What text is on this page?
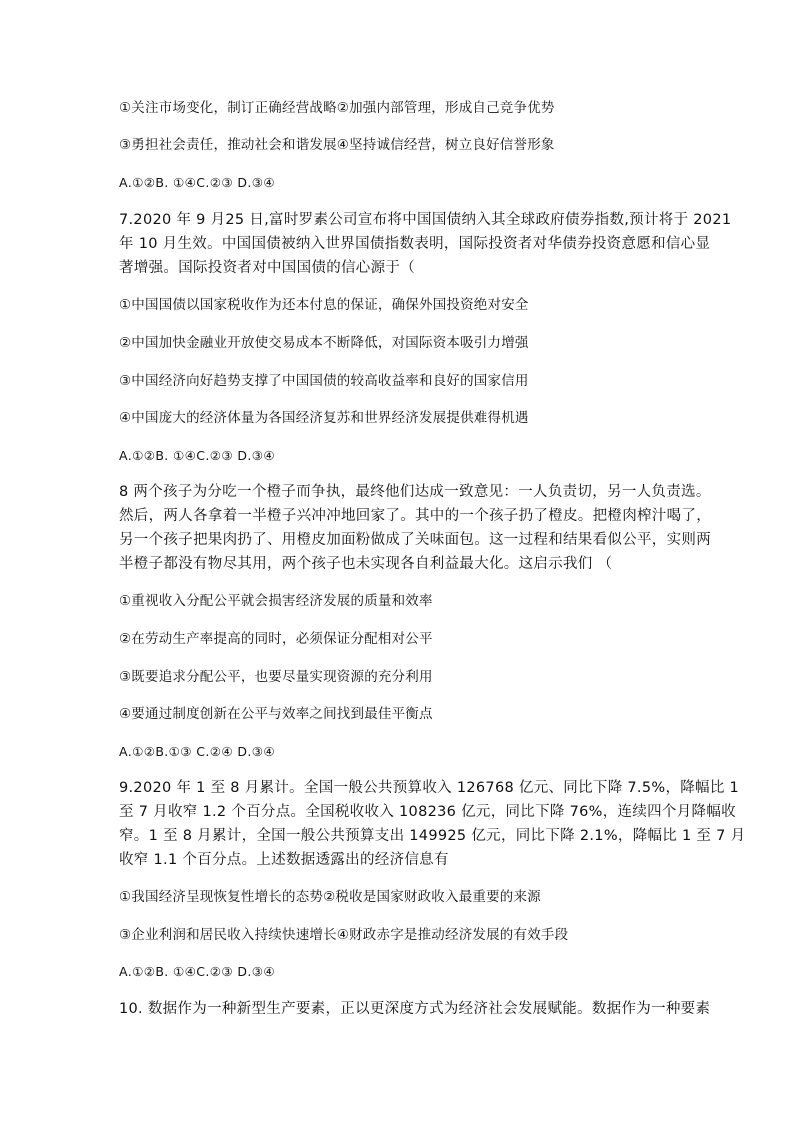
①关注市场变化，制订正确经营战略②加强内部管理，形成自己竞争优势
③勇担社会责任，推动社会和谐发展④坚持诚信经营，树立良好信誉形象
A.①②B. ①④C.②③ D.③④
7.2020 年 9 月25 日,富时罗素公司宣布将中国国债纳入其全球政府债券指数,预计将于 2021
年 10 月生效。中国国债被纳入世界国债指数表明，国际投资者对华债券投资意愿和信心显
著增强。国际投资者对中国国债的信心源于（
①中国国债以国家税收作为还本付息的保证，确保外国投资绝对安全
②中国加快金融业开放使交易成本不断降低，对国际资本吸引力增强
③中国经济向好趋势支撑了中国国债的较高收益率和良好的国家信用
④中国庞大的经济体量为各国经济复苏和世界经济发展提供难得机遇
A.①②B. ①④C.②③ D.③④
8 两个孩子为分吃一个橙子而争执，最终他们达成一致意见：一人负责切，另一人负责选。
然后，两人各拿着一半橙子兴冲冲地回家了。其中的一个孩子扔了橙皮。把橙肉榨汁喝了，
另一个孩子把果肉扔了、用橙皮加面粉做成了关味面包。这一过程和结果看似公平，实则两
半橙子都没有物尽其用，两个孩子也未实现各自利益最大化。这启示我们 （
①重视收入分配公平就会损害经济发展的质量和效率
②在劳动生产率提高的同时，必须保证分配相对公平
③既要追求分配公平，也要尽量实现资源的充分利用
④要通过制度创新在公平与效率之间找到最佳平衡点
A.①②B.①③ C.②④ D.③④
9.2020 年 1 至 8 月累计。全国一般公共预算收入 126768 亿元、同比下降 7.5%，降幅比 1
至 7 月收窄 1.2 个百分点。全国税收收入 108236 亿元，同比下降 76%，连续四个月降幅收
窄。1 至 8 月累计，全国一般公共预算支出 149925 亿元，同比下降 2.1%，降幅比 1 至 7 月
收窄 1.1 个百分点。上述数据透露出的经济信息有
①我国经济呈现恢复性增长的态势②税收是国家财政收入最重要的来源
③企业利润和居民收入持续快速增长④财政赤字是推动经济发展的有效手段
A.①②B. ①④C.②③ D.③④
10. 数据作为一种新型生产要素，正以更深度方式为经济社会发展赋能。数据作为一种要素
